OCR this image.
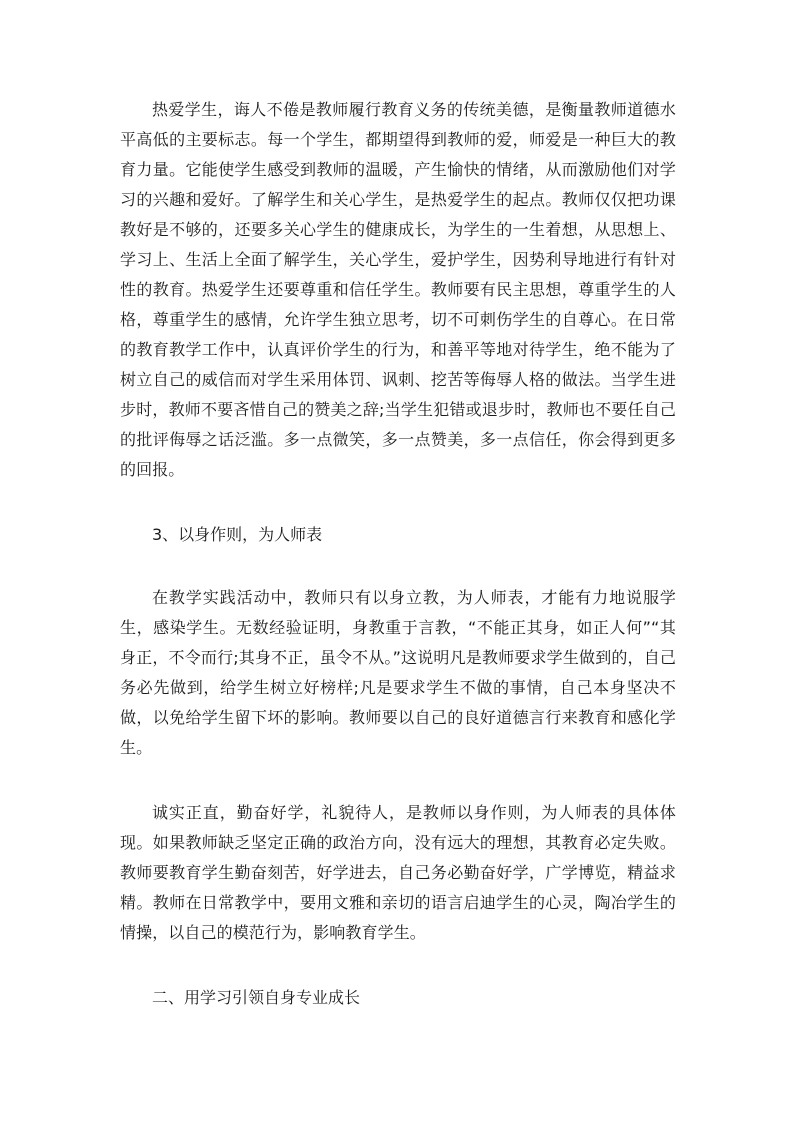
热爱学生，诲人不倦是教师履行教育义务的传统美德，是衡量教师道德水平高低的主要标志。每一个学生，都期望得到教师的爱，师爱是一种巨大的教育力量。它能使学生感受到教师的温暖，产生愉快的情绪，从而激励他们对学习的兴趣和爱好。了解学生和关心学生，是热爱学生的起点。教师仅仅把功课教好是不够的，还要多关心学生的健康成长，为学生的一生着想，从思想上、学习上、生活上全面了解学生，关心学生，爱护学生，因势利导地进行有针对性的教育。热爱学生还要尊重和信任学生。教师要有民主思想，尊重学生的人格，尊重学生的感情，允许学生独立思考，切不可刺伤学生的自尊心。在日常的教育教学工作中，认真评价学生的行为，和善平等地对待学生，绝不能为了树立自己的威信而对学生采用体罚、讽刺、挖苦等侮辱人格的做法。当学生进步时，教师不要吝惜自己的赞美之辞;当学生犯错或退步时，教师也不要任自己的批评侮辱之话泛滥。多一点微笑，多一点赞美，多一点信任，你会得到更多的回报。

3、以身作则，为人师表

在教学实践活动中，教师只有以身立教，为人师表，才能有力地说服学生，感染学生。无数经验证明，身教重于言教，“不能正其身，如正人何”“其身正，不令而行;其身不正，虽令不从。”这说明凡是教师要求学生做到的，自己务必先做到，给学生树立好榜样;凡是要求学生不做的事情，自己本身坚决不做，以免给学生留下坏的影响。教师要以自己的良好道德言行来教育和感化学生。

诚实正直，勤奋好学，礼貌待人，是教师以身作则，为人师表的具体体现。如果教师缺乏坚定正确的政治方向，没有远大的理想，其教育必定失败。教师要教育学生勤奋刻苦，好学进去，自己务必勤奋好学，广学博览，精益求精。教师在日常教学中，要用文雅和亲切的语言启迪学生的心灵，陶冶学生的情操，以自己的模范行为，影响教育学生。

二、用学习引领自身专业成长
